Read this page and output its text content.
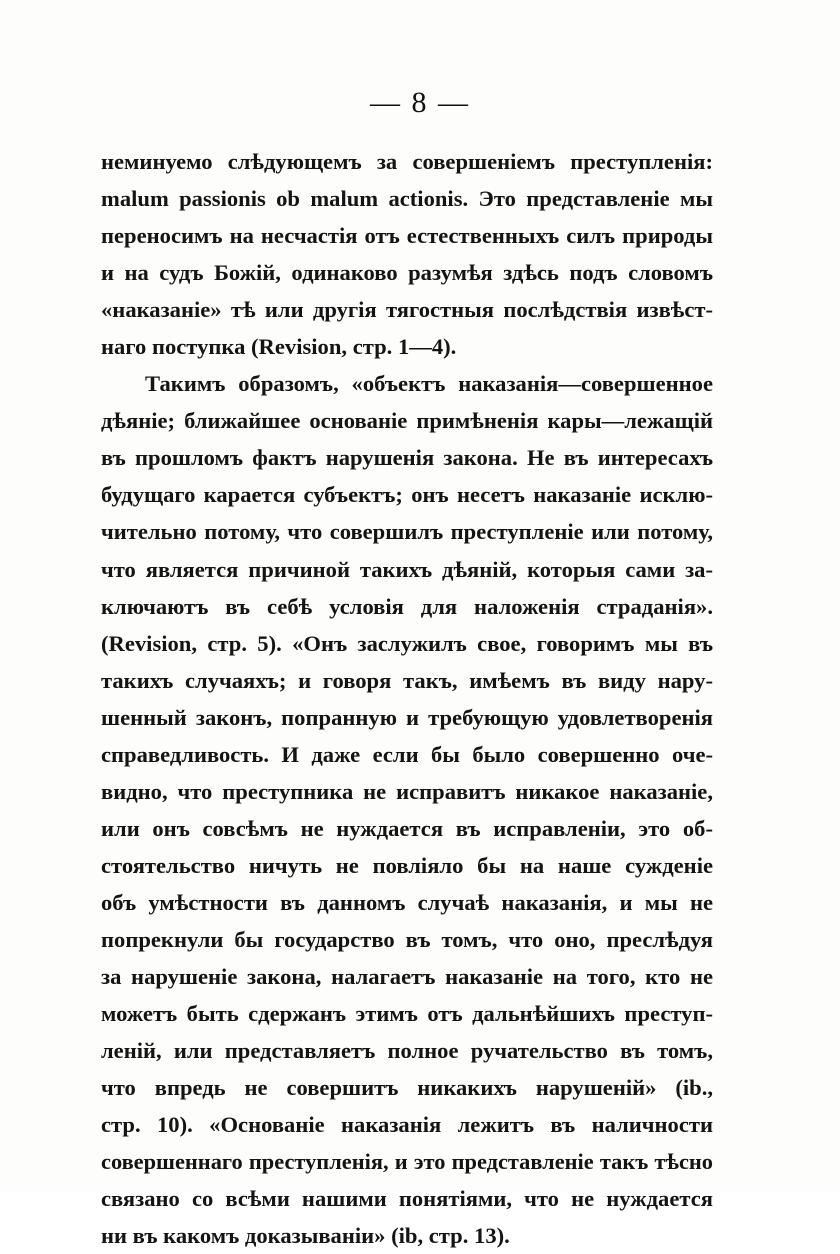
— 8 —
неминуемо слѣдующемъ за совершеніемъ преступленія:
malum passionis ob malum actionis. Это представленіе мы
переносимъ на несчастія отъ естественныхъ силъ природы
и на судъ Божій, одинаково разумѣя здѣсь подъ словомъ
«наказаніе» тѣ или другія тягостныя послѣдствія извѣст-
наго поступка (Revision, стр. 1—4).
Такимъ образомъ, «объектъ наказанія—совершенное
дѣяніе; ближайшее основаніе примѣненія кары—лежащій
въ прошломъ фактъ нарушенія закона. Не въ интересахъ
будущаго карается субъектъ; онъ несетъ наказаніе исклю-
чительно потому, что совершилъ преступленіе или потому,
что является причиной такихъ дѣяній, которыя сами за-
ключаютъ въ себѣ условія для наложенія страданія».
(Revision, стр. 5). «Онъ заслужилъ свое, говоримъ мы въ
такихъ случаяхъ; и говоря такъ, имѣемъ въ виду нару-
шенный законъ, попранную и требующую удовлетворенія
справедливость. И даже если бы было совершенно оче-
видно, что преступника не исправитъ никакое наказаніе,
или онъ совсѣмъ не нуждается въ исправленіи, это об-
стоятельство ничуть не повліяло бы на наше сужденіе
объ умѣстности въ данномъ случаѣ наказанія, и мы не
попрекнули бы государство въ томъ, что оно, преслѣдуя
за нарушеніе закона, налагаетъ наказаніе на того, кто не
можетъ быть сдержанъ этимъ отъ дальнѣйшихъ преступ-
леній, или представляетъ полное ручательство въ томъ,
что впредь не совершитъ никакихъ нарушеній» (ib.,
стр. 10). «Основаніе наказанія лежитъ въ наличности
совершеннаго преступленія, и это представленіе такъ тѣсно
связано со всѣми нашими понятіями, что не нуждается
ни въ какомъ доказываніи» (ib, стр. 13).
